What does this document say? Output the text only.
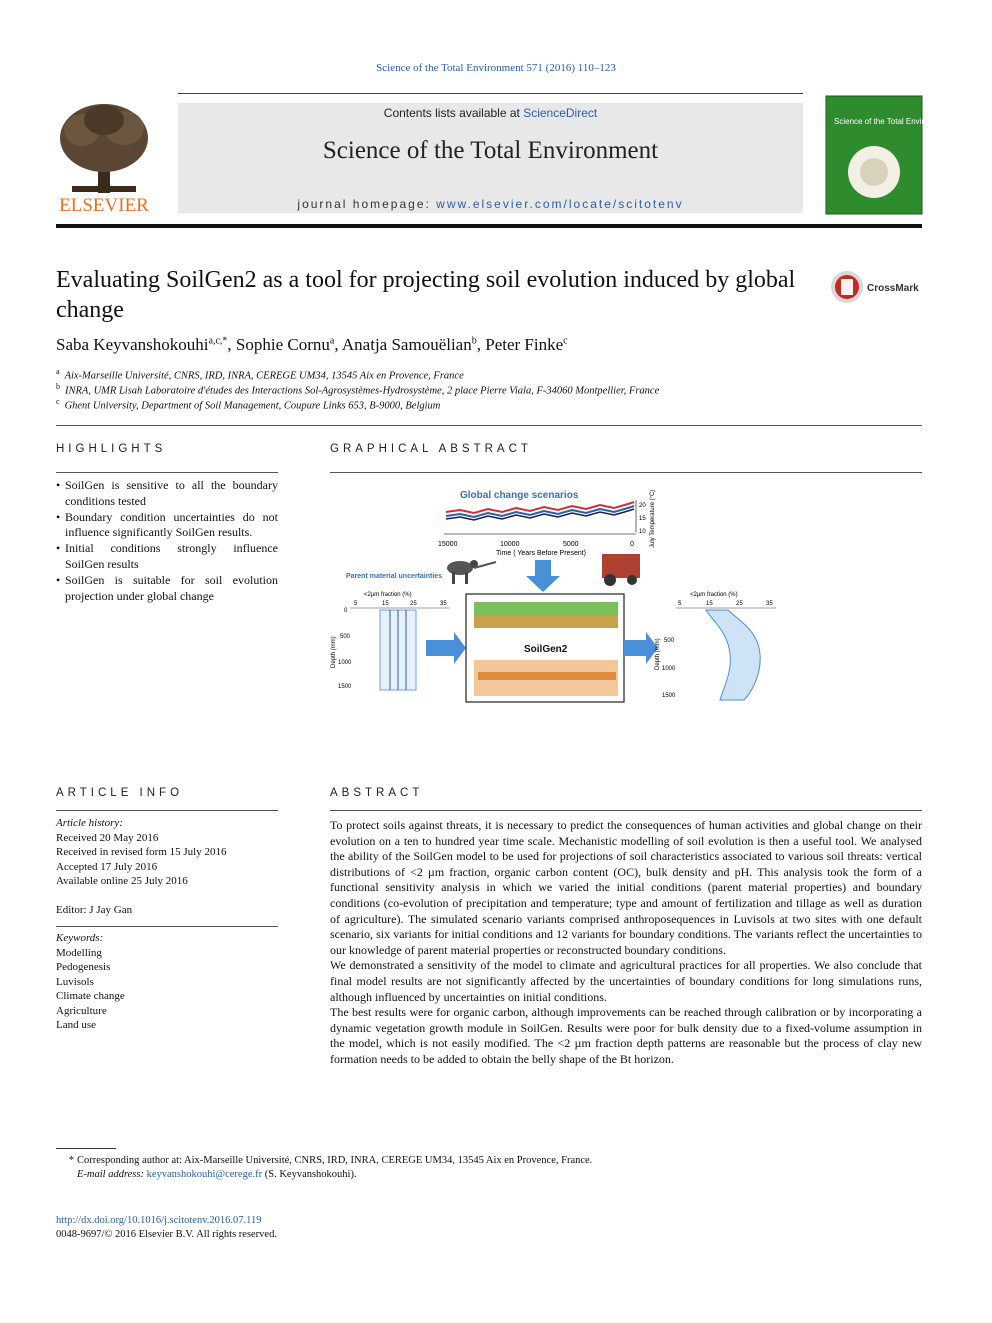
Science of the Total Environment 571 (2016) 110–123
Contents lists available at ScienceDirect
Science of the Total Environment
journal homepage: www.elsevier.com/locate/scitotenv
ELSEVIER
Science of the Total Environment
Evaluating SoilGen2 as a tool for projecting soil evolution induced by global change
CrossMark
Saba Keyvanshokouhi$^{a,c,*}$, Sophie Cornu$^a$, Anatja Samouëlian$^b$, Peter Finke$^c$
$^a$ Aix-Marseille Université, CNRS, IRD, INRA, CEREGE UM34, 13545 Aix en Provence, France
$^b$ INRA, UMR Lisah Laboratoire d'études des Interactions Sol-Agrosystèmes-Hydrosystème, 2 place Pierre Viala, F-34060 Montpellier, France
$^c$ Ghent University, Department of Soil Management, Coupure Links 653, B-9000, Belgium
HIGHLIGHTS
• SoilGen is sensitive to all the boundary conditions tested
• Boundary condition uncertainties do not influence significantly SoilGen results.
• Initial conditions strongly influence SoilGen results
• SoilGen is suitable for soil evolution projection under global change
GRAPHICAL ABSTRACT
Global change scenarios
20
15
10 July Temperature (°C)
15000	10000	5000	0
Time ( Years Before Present)
Parent material uncertainties
<2µm fraction (%)
5	15	25	35
0
500
1000
1500
Depth (mm)	SoilGen2
<2µm fraction (%)
5	15	25	35
500
1000
1500
Depth (mm)
ARTICLE INFO
Article history:
Received 20 May 2016
Received in revised form 15 July 2016
Accepted 17 July 2016
Available online 25 July 2016
Editor: J Jay Gan
Keywords:
Modelling
Pedogenesis
Luvisols
Climate change
Agriculture
Land use
ABSTRACT

To protect soils against threats, it is necessary to predict the consequences of human activities and global change on their evolution on a ten to hundred year time scale. Mechanistic modelling of soil evolution is then a useful tool. We analysed the ability of the SoilGen model to be used for projections of soil characteristics associated to various soil threats: vertical distributions of <2 µm fraction, organic carbon content (OC), bulk density and pH. This analysis took the form of a functional sensitivity analysis in which we varied the initial conditions (parent material properties) and boundary conditions (co-evolution of precipitation and temperature; type and amount of fertilization and tillage as well as duration of agriculture). The simulated scenario variants comprised anthroposequences in Luvisols at two sites with one default scenario, six variants for initial conditions and 12 variants for boundary conditions. The variants reflect the uncertainties to our knowledge of parent material properties or reconstructed boundary conditions.

We demonstrated a sensitivity of the model to climate and agricultural practices for all properties. We also conclude that final model results are not significantly affected by the uncertainties of boundary conditions for long simulations runs, although influenced by uncertainties on initial conditions.

The best results were for organic carbon, although improvements can be reached through calibration or by incorporating a dynamic vegetation growth module in SoilGen. Results were poor for bulk density due to a fixed-volume assumption in the model, which is not easily modified. The <2 µm fraction depth patterns are reasonable but the process of clay new formation needs to be added to obtain the belly shape of the Bt horizon.

* Corresponding author at: Aix-Marseille Université, CNRS, IRD, INRA, CEREGE UM34, 13545 Aix en Provence, France.
E-mail address: keyvanshokouhi@cerege.fr (S. Keyvanshokouhi).
http://dx.doi.org/10.1016/j.scitotenv.2016.07.119
0048-9697/© 2016 Elsevier B.V. All rights reserved.
